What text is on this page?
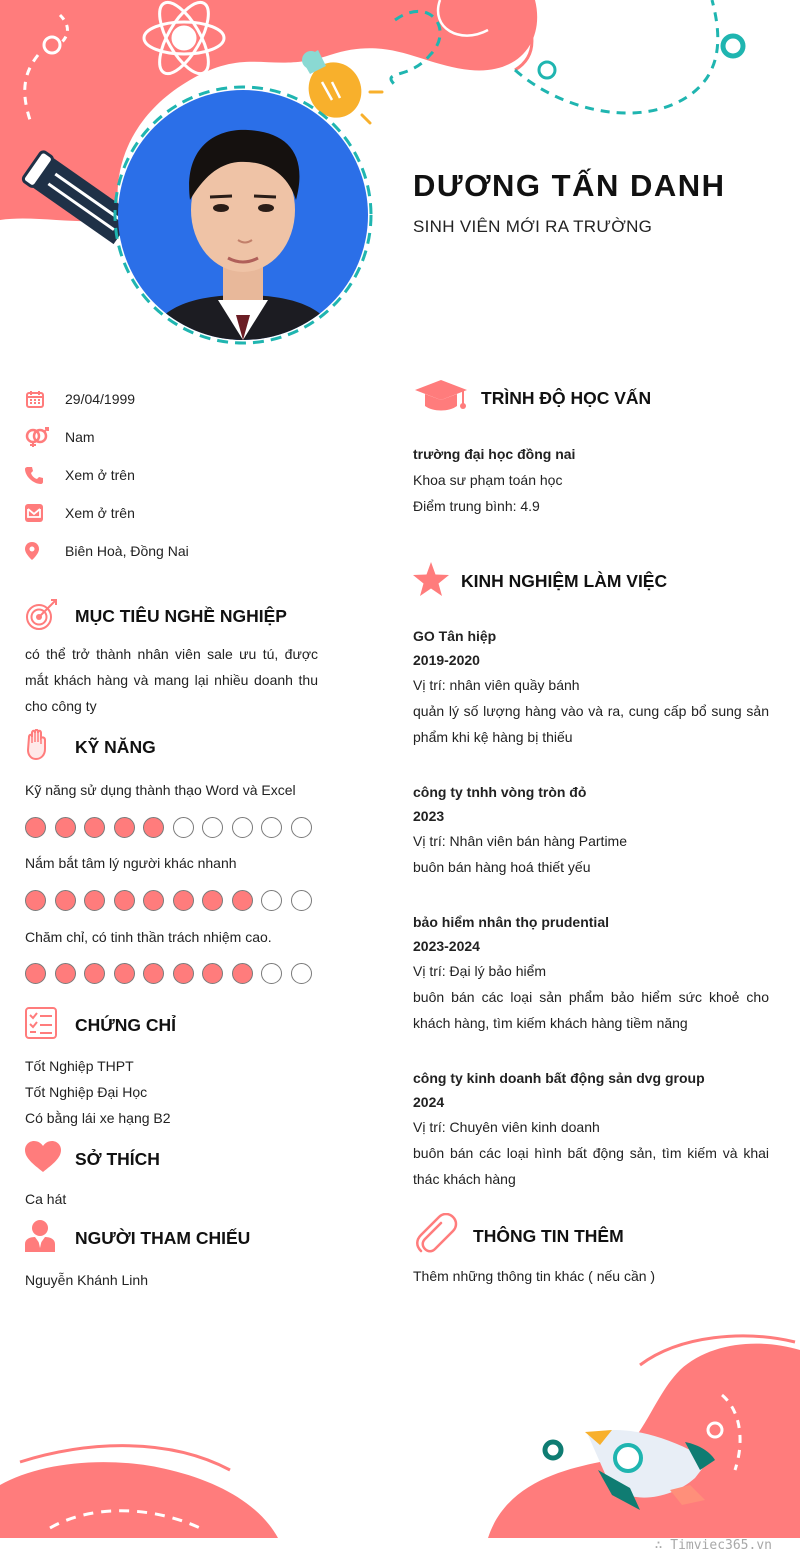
DƯƠNG TẤN DANH
SINH VIÊN MỚI RA TRƯỜNG
29/04/1999
Nam
Xem ở trên
Xem ở trên
Biên Hoà, Đồng Nai
MỤC TIÊU NGHỀ NGHIỆP
có thể trở thành nhân viên sale ưu tú, được mắt khách hàng và mang lại nhiều doanh thu cho công ty
KỸ NĂNG
Kỹ năng sử dụng thành thạo Word và Excel
Nắm bắt tâm lý người khác nhanh
Chăm chỉ, có tinh thần trách nhiệm cao.
CHỨNG CHỈ
Tốt Nghiệp THPT
Tốt Nghiệp Đại Học
Có bằng lái xe hạng B2
SỞ THÍCH
Ca hát
NGƯỜI THAM CHIẾU
Nguyễn Khánh Linh
TRÌNH ĐỘ HỌC VẤN
trường đại học đồng nai
Khoa sư phạm toán học
Điểm trung bình: 4.9
KINH NGHIỆM LÀM VIỆC
GO Tân hiệp
2019-2020
Vị trí: nhân viên quầy bánh
quản lý số lượng hàng vào và ra, cung cấp bổ sung sản phẩm khi kệ hàng bị thiếu
công ty tnhh vòng tròn đỏ
2023
Vị trí: Nhân viên bán hàng Partime
buôn bán hàng hoá thiết yếu
bảo hiểm nhân thọ prudential
2023-2024
Vị trí: Đại lý bảo hiểm
buôn bán các loại sản phẩm bảo hiểm sức khoẻ cho khách hàng, tìm kiếm khách hàng tiềm năng
công ty kinh doanh bất động sản dvg group
2024
Vị trí: Chuyên viên kinh doanh
buôn bán các loại hình bất động sản, tìm kiếm và khai thác khách hàng
THÔNG TIN THÊM
Thêm những thông tin khác ( nếu cần )
∴ Timviec365.vn
